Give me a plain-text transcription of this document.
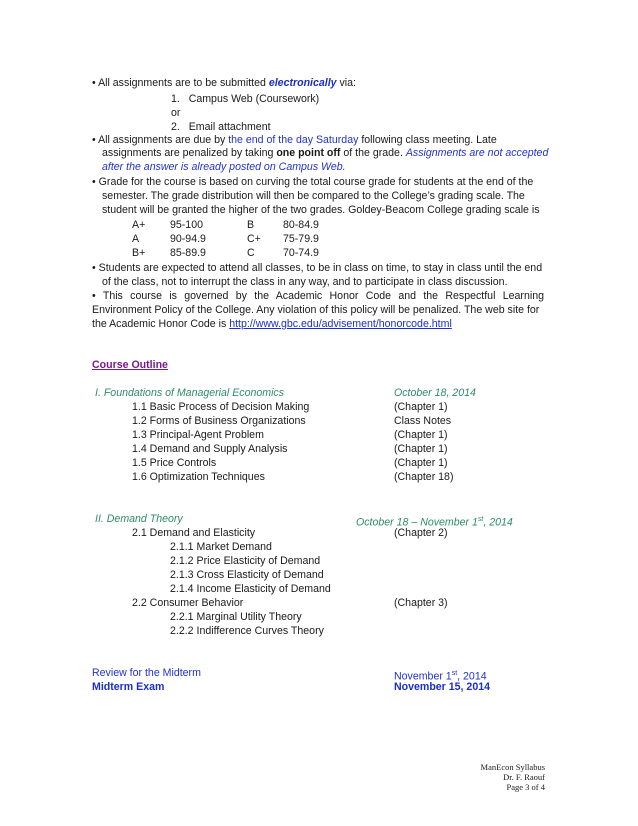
• All assignments are to be submitted electronically via:
1. Campus Web (Coursework)
or
2. Email attachment
• All assignments are due by the end of the day Saturday following class meeting. Late
assignments are penalized by taking one point off of the grade. Assignments are not accepted
after the answer is already posted on Campus Web.
• Grade for the course is based on curving the total course grade for students at the end of the
semester. The grade distribution will then be compared to the College’s grading scale. The
student will be granted the higher of the two grades. Goldey-Beacom College grading scale is
A+ 95-100	B	80-84.9
A	90-94.9	C+ 75-79.9
B+ 85-89.9	C	70-74.9
• Students are expected to attend all classes, to be in class on time, to stay in class until the end
of the class, not to interrupt the class in any way, and to participate in class discussion.
• This course is governed by the Academic Honor Code and the Respectful Learning
Environment Policy of the College. Any violation of this policy will be penalized. The web site for
the Academic Honor Code is http://www.gbc.edu/advisement/honorcode.html
Course Outline
I. Foundations of Managerial Economics	October 18, 2014
1.1 Basic Process of Decision Making	(Chapter 1)
1.2 Forms of Business Organizations	Class Notes
1.3 Principal-Agent Problem	(Chapter 1)
1.4 Demand and Supply Analysis	(Chapter 1)
1.5 Price Controls	(Chapter 1)
1.6 Optimization Techniques	(Chapter 18)
II. Demand Theory	October 18 – November 1st, 2014
2.1 Demand and Elasticity	(Chapter 2)
2.1.1 Market Demand
2.1.2 Price Elasticity of Demand
2.1.3 Cross Elasticity of Demand
2.1.4 Income Elasticity of Demand
2.2 Consumer Behavior	(Chapter 3)
2.2.1 Marginal Utility Theory
2.2.2 Indifference Curves Theory
Review for the Midterm	November 1st, 2014
Midterm Exam	November 15, 2014
ManEcon Syllabus
Dr. F. Raouf
Page 3 of 4
